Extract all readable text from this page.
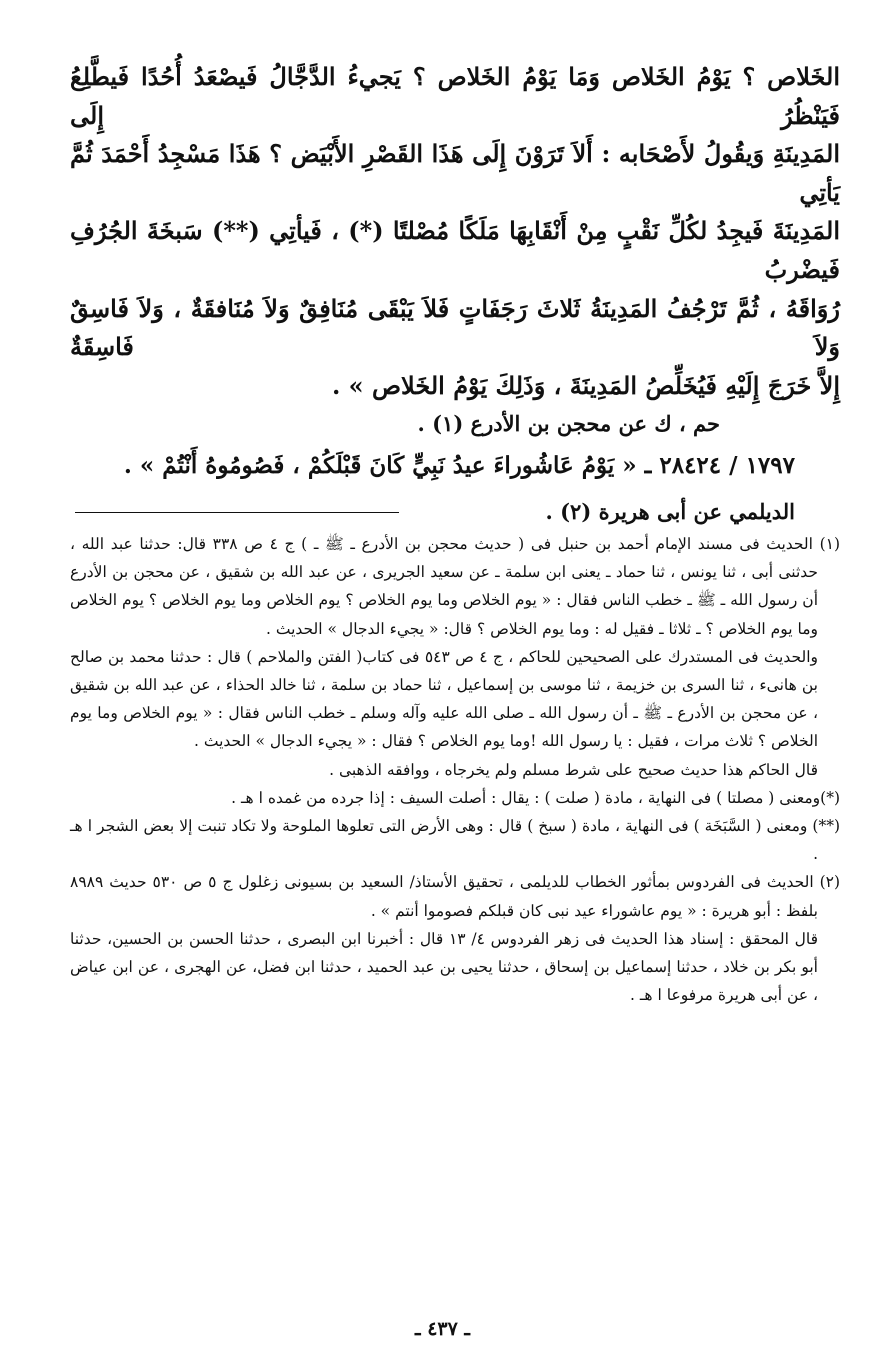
الخَلاص ؟ يَوْمُ الخَلاص وَمَا يَوْمُ الخَلاص ؟ يَجيءُ الدَّجَّالُ فَيصْعَدُ أُحُدًا فَيطَّلِعُ فَيَنْظُرُ إِلَى

المَدِينَةِ وَيقُولُ لأَصْحَابه : أَلاَ تَرَوْنَ إِلَى هَذَا القَصْرِ الأَبْيَض ؟ هَذَا مَسْجِدُ أَحْمَدَ ثُمَّ يَأتِي

المَدِينَةَ فَيجِدُ لكُلِّ نَقْبٍ مِنْ أَنْقَابِهَا مَلَكًا مُصْلتًا (*) ، فَيأتِي (**) سَبخَةَ الجُرُفِ فَيضْربُ

رُوَاقَهُ ، ثُمَّ تَرْجُفُ المَدِينَةُ ثَلاثَ رَجَفَاتٍ فَلاَ يَبْقَى مُنَافِقٌ وَلاَ مُنَافقَةٌ ، وَلاَ فَاسِقٌ وَلاَ فَاسِقَةٌ

إِلاَّ خَرَجَ إِلَيْهِ فَيُخَلِّصُ المَدِينَةَ ، وَذَلِكَ يَوْمُ الخَلاص » .

حم ، ك عن محجن بن الأدرع (١) .

١٧٩٧ / ٢٨٤٢٤ ـ « يَوْمُ عَاشُوراءَ عيدُ نَبِيٍّ كَانَ قَبْلَكُمْ ، فَصُومُوهُ أَنْتُمْ » .

الديلمي عن أبى هريرة (٢) .

(١) الحديث فى مسند الإمام أحمد بن حنبل فى ( حديث محجن بن الأدرع ـ ﷺ ـ ) ج ٤ ص ٣٣٨ قال: حدثنا عبد الله ، حدثنى أبى ، ثنا يونس ، ثنا حماد ـ يعنى ابن سلمة ـ عن سعيد الجريرى ، عن عبد الله بن شقيق ، عن محجن بن الأدرع أن رسول الله ـ ﷺ ـ خطب الناس فقال : « يوم الخلاص وما يوم الخلاص ؟ يوم الخلاص وما يوم الخلاص ؟ يوم الخلاص وما يوم الخلاص ؟ ـ ثلاثا ـ فقيل له : وما يوم الخلاص ؟ قال: « يجيء الدجال » الحديث .

والحديث فى المستدرك على الصحيحين للحاكم ، ج ٤ ص ٥٤٣ فى كتاب( الفتن والملاحم ) قال : حدثنا محمد بن صالح بن هانىء ، ثنا السرى بن خزيمة ، ثنا موسى بن إسماعيل ، ثنا حماد بن سلمة ، ثنا خالد الحذاء ، عن عبد الله بن شقيق ، عن محجن بن الأدرع ـ ﷺ ـ أن رسول الله ـ صلى الله عليه وآله وسلم ـ خطب الناس فقال : « يوم الخلاص وما يوم الخلاص ؟ ثلاث مرات ، فقيل : يا رسول الله !وما يوم الخلاص ؟ فقال : « يجيء الدجال » الحديث .

قال الحاكم هذا حديث صحيح على شرط مسلم ولم يخرجاه ، ووافقه الذهبى .

(*)ومعنى ( مصلتا ) فى النهاية ، مادة ( صلت ) : يقال : أصلت السيف : إذا جرده من غمده ا هـ .

(**) ومعنى ( السَّبَخَة ) فى النهاية ، مادة ( سبخ ) قال : وهى الأرض التى تعلوها الملوحة ولا تكاد تنبت إلا بعض الشجر ا هـ .

(٢) الحديث فى الفردوس بمأثور الخطاب للديلمى ، تحقيق الأستاذ/ السعيد بن بسيونى زغلول ج ٥ ص ٥٣٠ حديث ٨٩٨٩ بلفظ : أبو هريرة : « يوم عاشوراء عيد نبى كان قبلكم فصوموا أنتم » .

قال المحقق : إسناد هذا الحديث فى زهر الفردوس ٤/ ١٣ قال : أخبرنا ابن البصرى ، حدثنا الحسن بن الحسين، حدثنا أبو بكر بن خلاد ، حدثنا إسماعيل بن إسحاق ، حدثنا يحيى بن عبد الحميد ، حدثنا ابن فضل، عن الهجرى ، عن ابن عياض ، عن أبى هريرة مرفوعا ا هـ .

ـ ٤٣٧ ـ
